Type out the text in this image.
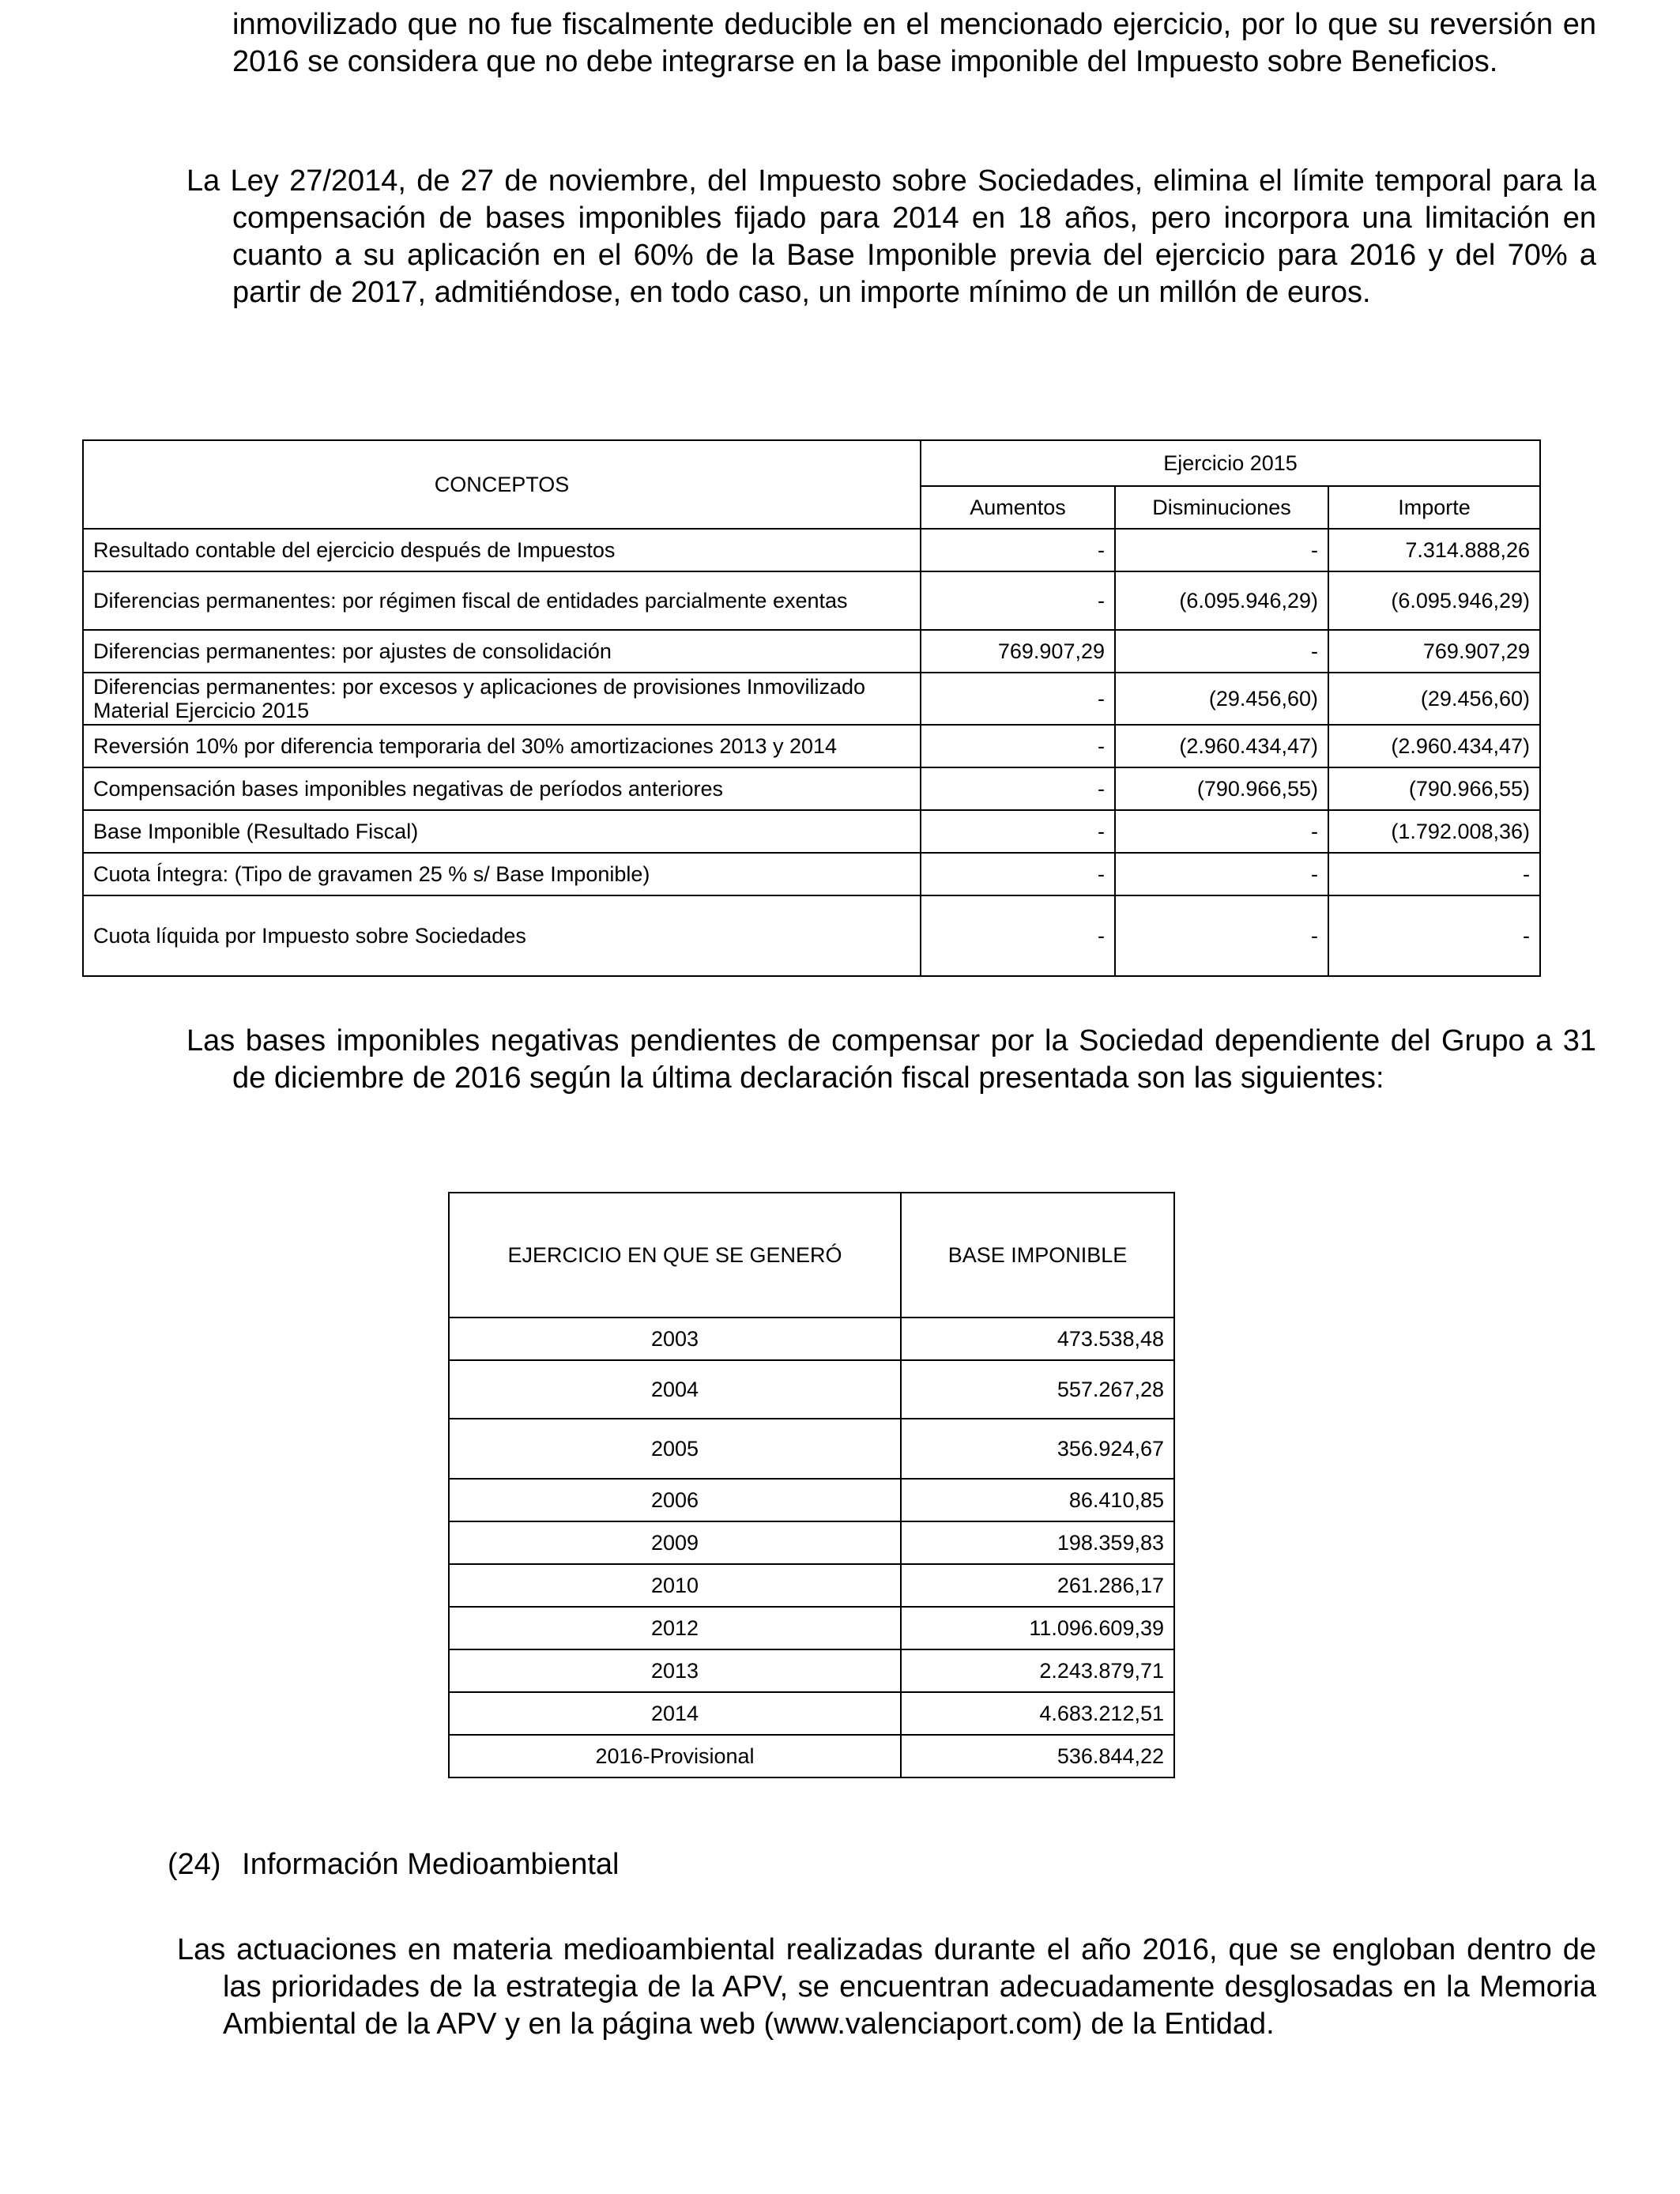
inmovilizado que no fue fiscalmente deducible en el mencionado ejercicio, por lo que su reversión en 2016 se considera que no debe integrarse en la base imponible del Impuesto sobre Beneficios.

La Ley 27/2014, de 27 de noviembre, del Impuesto sobre Sociedades, elimina el límite temporal para la compensación de bases imponibles fijado para 2014 en 18 años, pero incorpora una limitación en cuanto a su aplicación en el 60% de la Base Imponible previa del ejercicio para 2016 y del 70% a partir de 2017, admitiéndose, en todo caso, un importe mínimo de un millón de euros.

CONCEPTOS	Ejercicio 2015		
	Aumentos	Disminuciones	Importe
Resultado contable del ejercicio después de Impuestos	-	-	7.314.888,26
Diferencias permanentes: por régimen fiscal de entidades parcialmente exentas	-	(6.095.946,29)	(6.095.946,29)
Diferencias permanentes: por ajustes de consolidación	769.907,29	-	769.907,29
Diferencias permanentes: por excesos y aplicaciones de provisiones Inmovilizado Material Ejercicio 2015	-	(29.456,60)	(29.456,60)
Reversión 10% por diferencia temporaria del 30% amortizaciones 2013 y 2014	-	(2.960.434,47)	(2.960.434,47)
Compensación bases imponibles negativas de períodos anteriores	-	(790.966,55)	(790.966,55)
Base Imponible (Resultado Fiscal)	-	-	(1.792.008,36)
Cuota Íntegra: (Tipo de gravamen 25 % s/ Base Imponible)	-	-	-
Cuota líquida por Impuesto sobre Sociedades	-	-	-

Las bases imponibles negativas pendientes de compensar por la Sociedad dependiente del Grupo a 31 de diciembre de 2016 según la última declaración fiscal presentada son las siguientes:

EJERCICIO EN QUE SE GENERÓ	BASE IMPONIBLE
2003	473.538,48
2004	557.267,28
2005	356.924,67
2006	86.410,85
2009	198.359,83
2010	261.286,17
2012	11.096.609,39
2013	2.243.879,71
2014	4.683.212,51
2016-Provisional	536.844,22
(24) Información Medioambiental

Las actuaciones en materia medioambiental realizadas durante el año 2016, que se engloban dentro de las prioridades de la estrategia de la APV, se encuentran adecuadamente desglosadas en la Memoria Ambiental de la APV y en la página web (www.valenciaport.com) de la Entidad.
